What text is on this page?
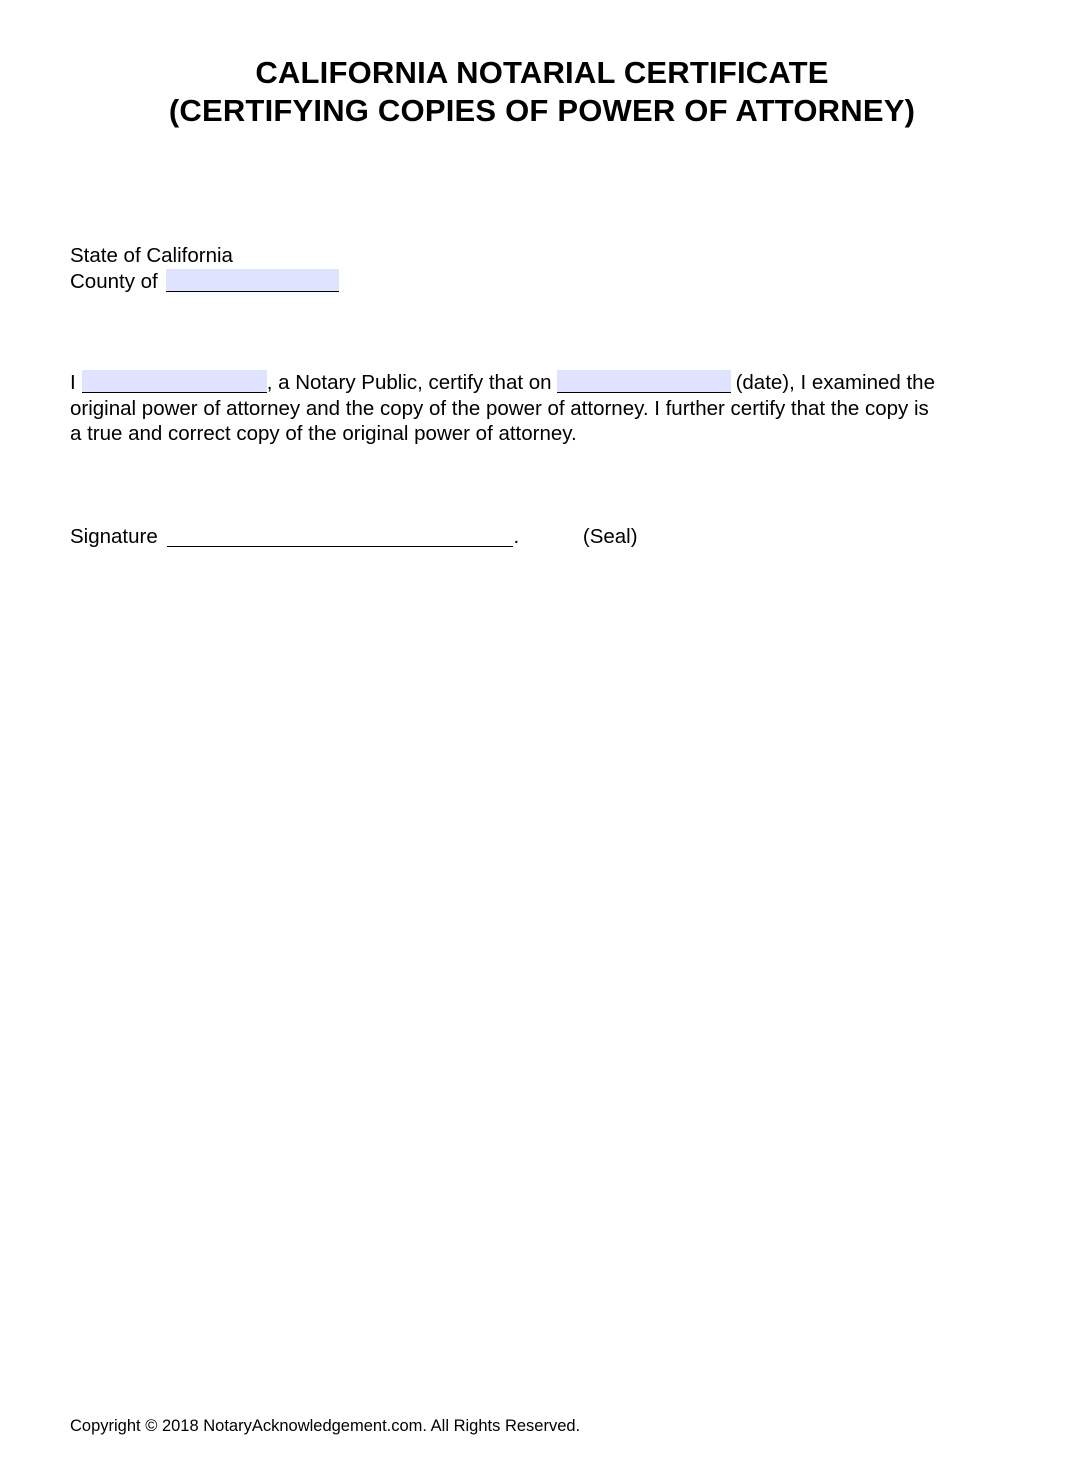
CALIFORNIA NOTARIAL CERTIFICATE
(CERTIFYING COPIES OF POWER OF ATTORNEY)
State of California
County of
I	, a Notary Public, certify that on	(date), I examined the
original power of attorney and the copy of the power of attorney. I further certify that the copy is
a true and correct copy of the original power of attorney.
Signature	.	(Seal)
Copyright © 2018 NotaryAcknowledgement.com. All Rights Reserved.
